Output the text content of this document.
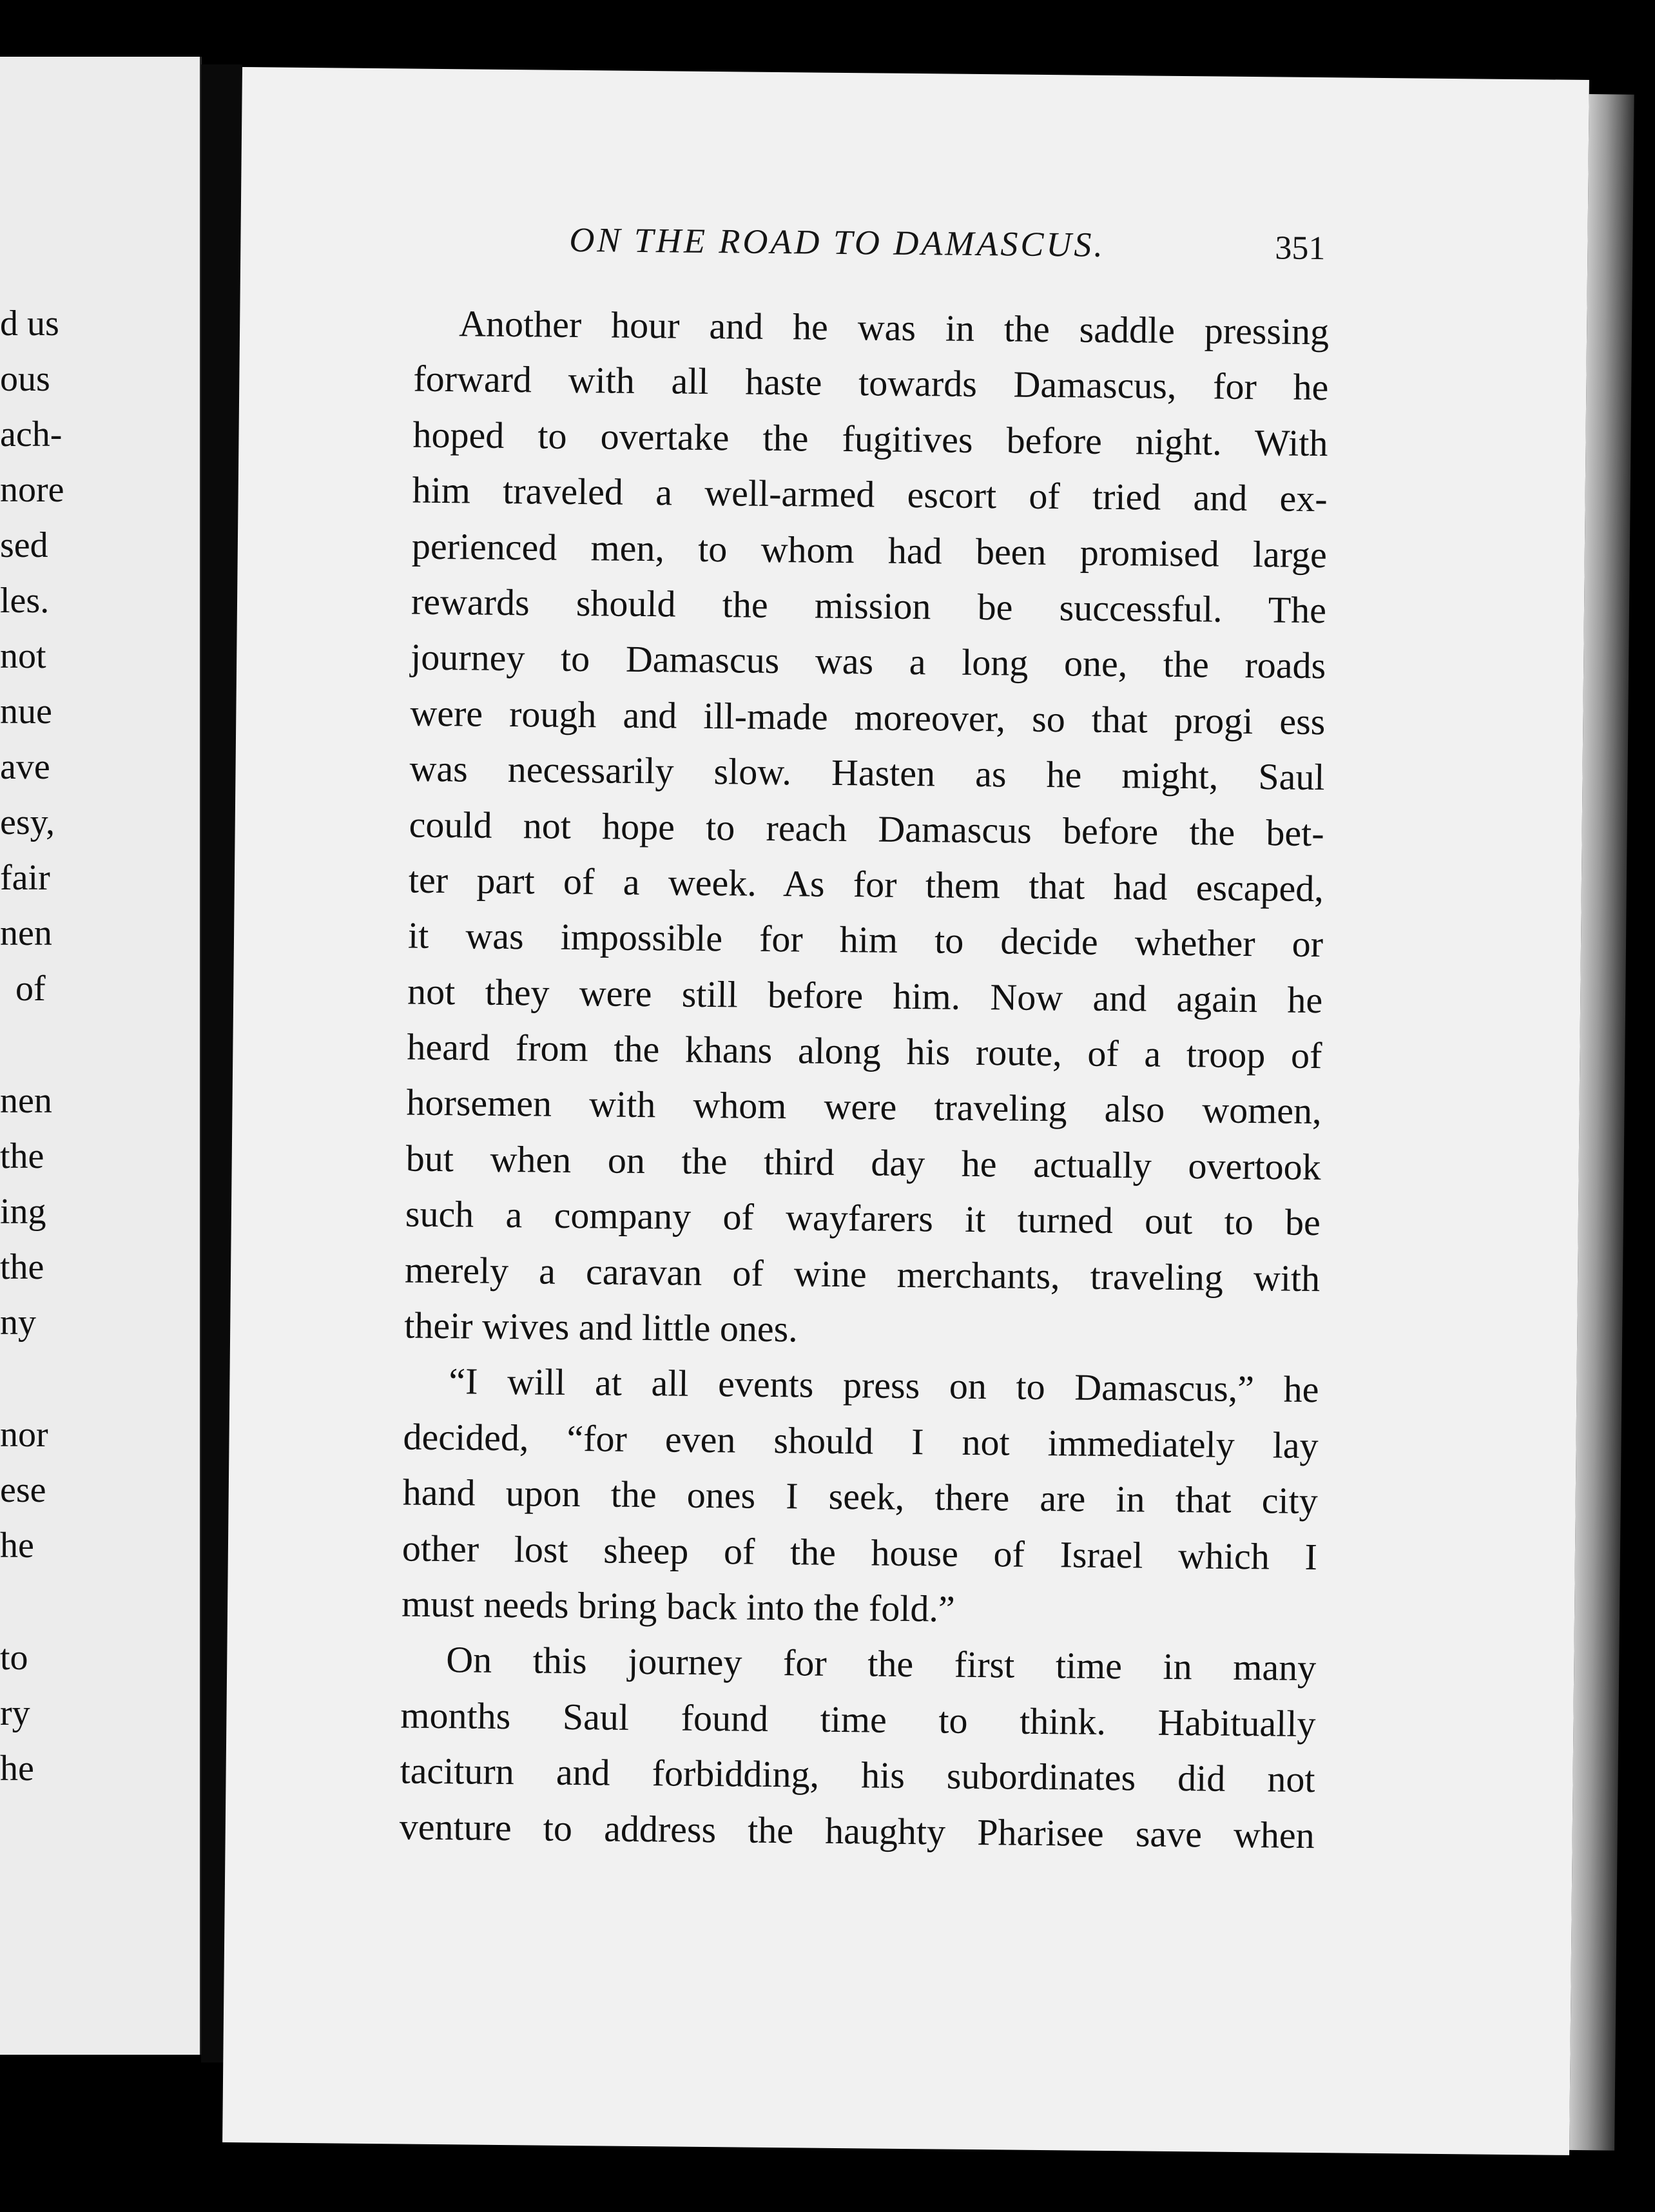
d us
ous
ach-
nore
sed
les.
not
nue
ave
esy,
fair
nen
of
nen
the
ing
the
ny
nor
ese
he
to
ry
he
ON THE ROAD TO DAMASCUS.	351
Another hour and he was in the saddle pressing
forward with all haste towards Damascus, for he
hoped to overtake the fugitives before night. With
him traveled a well-armed escort of tried and ex-
perienced men, to whom had been promised large
rewards should the mission be successful. The
journey to Damascus was a long one, the roads
were rough and ill-made moreover, so that progi ess
was necessarily slow. Hasten as he might, Saul
could not hope to reach Damascus before the bet-
ter part of a week. As for them that had escaped,
it was impossible for him to decide whether or
not they were still before him. Now and again he
heard from the khans along his route, of a troop of
horsemen with whom were traveling also women,
but when on the third day he actually overtook
such a company of wayfarers it turned out to be
merely a caravan of wine merchants, traveling with
their wives and little ones.
“I will at all events press on to Damascus,” he
decided, “for even should I not immediately lay
hand upon the ones I seek, there are in that city
other lost sheep of the house of Israel which I
must needs bring back into the fold.”
On this journey for the first time in many
months Saul found time to think. Habitually
taciturn and forbidding, his subordinates did not
venture to address the haughty Pharisee save when
